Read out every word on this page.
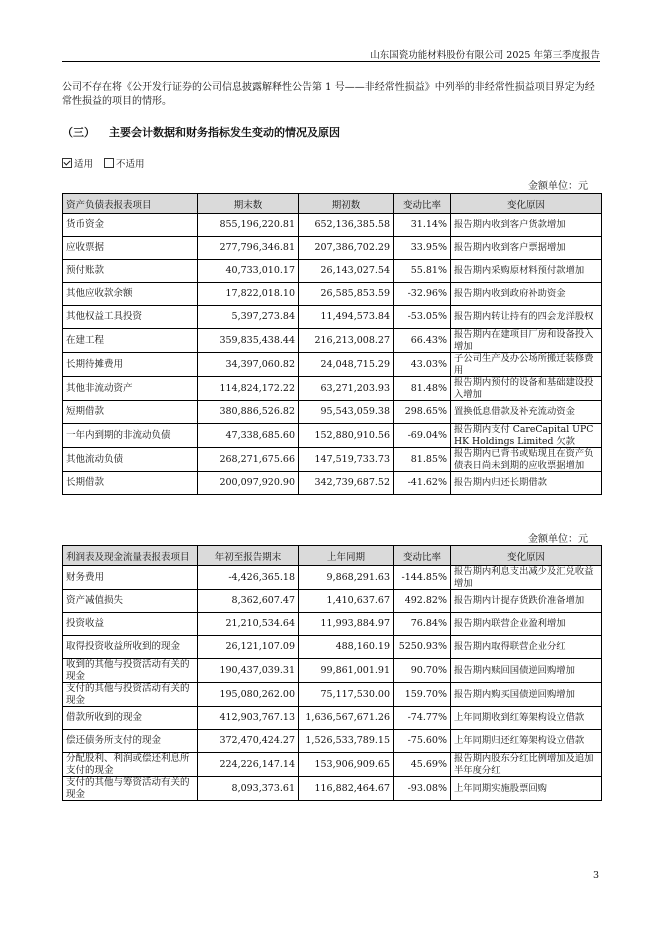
山东国瓷功能材料股份有限公司 2025 年第三季度报告
公司不存在将《公开发行证券的公司信息披露解释性公告第 1 号——非经常性损益》中列举的非经常性损益项目界定为经常性损益的项目的情形。
（三） 主要会计数据和财务指标发生变动的情况及原因
适用 不适用
金额单位：元
资产负债表报表项目	期末数	期初数	变动比率	变化原因
货币资金	855,196,220.81	652,136,385.58	31.14%	报告期内收到客户货款增加
应收票据	277,796,346.81	207,386,702.29	33.95%	报告期内收到客户票据增加
预付账款	40,733,010.17	26,143,027.54	55.81%	报告期内采购原材料预付款增加
其他应收款余额	17,822,018.10	26,585,853.59	-32.96%	报告期内收到政府补助资金
其他权益工具投资	5,397,273.84	11,494,573.84	-53.05%	报告期内转让持有的四会龙洋股权
在建工程	359,835,438.44	216,213,008.27	66.43%	报告期内在建项目厂房和设备投入增加
长期待摊费用	34,397,060.82	24,048,715.29	43.03%	子公司生产及办公场所搬迁装修费用
其他非流动资产	114,824,172.22	63,271,203.93	81.48%	报告期内预付的设备和基础建设投入增加
短期借款	380,886,526.82	95,543,059.38	298.65%	置换低息借款及补充流动资金
一年内到期的非流动负债	47,338,685.60	152,880,910.56	-69.04%	报告期内支付 CareCapital UPC HK Holdings Limited 欠款
其他流动负债	268,271,675.66	147,519,733.73	81.85%	报告期内已背书或贴现且在资产负债表日尚未到期的应收票据增加
长期借款	200,097,920.90	342,739,687.52	-41.62%	报告期内归还长期借款
金额单位：元
利润表及现金流量表报表项目	年初至报告期末	上年同期	变动比率	变化原因
财务费用	-4,426,365.18	9,868,291.63	-144.85%	报告期内利息支出减少及汇兑收益增加
资产减值损失	8,362,607.47	1,410,637.67	492.82%	报告期内计提存货跌价准备增加
投资收益	21,210,534.64	11,993,884.97	76.84%	报告期内联营企业盈利增加
取得投资收益所收到的现金	26,121,107.09	488,160.19	5250.93%	报告期内取得联营企业分红
收到的其他与投资活动有关的现金	190,437,039.31	99,861,001.91	90.70%	报告期内赎回国债逆回购增加
支付的其他与投资活动有关的现金	195,080,262.00	75,117,530.00	159.70%	报告期内购买国债逆回购增加
借款所收到的现金	412,903,767.13	1,636,567,671.26	-74.77%	上年同期收到红筹架构设立借款
偿还债务所支付的现金	372,470,424.27	1,526,533,789.15	-75.60%	上年同期归还红筹架构设立借款
分配股利、利润或偿还利息所支付的现金	224,226,147.14	153,906,909.65	45.69%	报告期内股东分红比例增加及追加半年度分红
支付的其他与筹资活动有关的现金	8,093,373.61	116,882,464.67	-93.08%	上年同期实施股票回购
3
